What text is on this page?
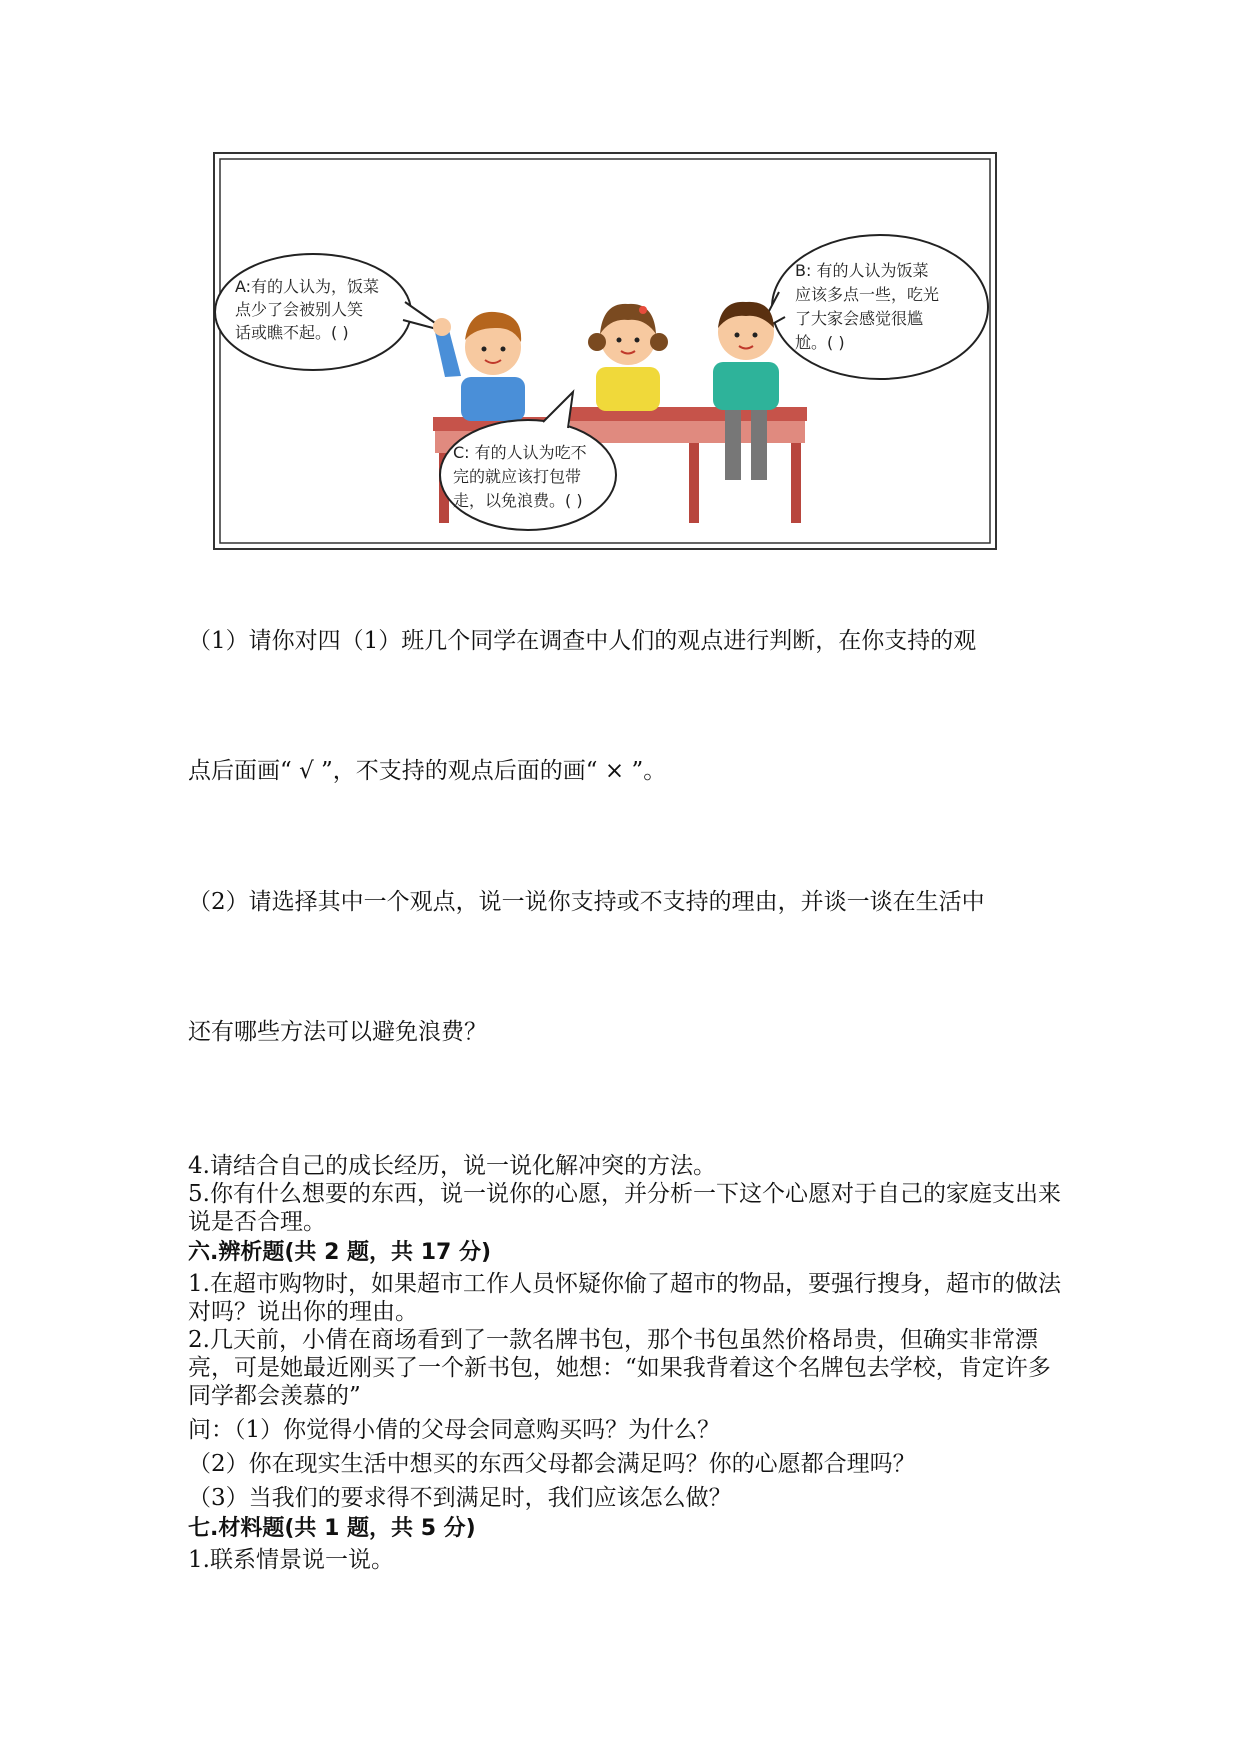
A:有的人认为，饭菜
点少了会被别人笑
话或瞧不起。( )
B: 有的人认为饭菜
应该多点一些，吃光
了大家会感觉很尴
尬。( )
C: 有的人认为吃不
完的就应该打包带
走，以免浪费。( )

（1）请你对四（1）班几个同学在调查中人们的观点进行判断，在你支持的观

点后面画“ √ ”，不支持的观点后面的画“ × ”。

（2）请选择其中一个观点，说一说你支持或不支持的理由，并谈一谈在生活中

还有哪些方法可以避免浪费？

4.请结合自己的成长经历，说一说化解冲突的方法。

5.你有什么想要的东西，说一说你的心愿，并分析一下这个心愿对于自己的家庭支出来说是否合理。

六.辨析题(共 2 题，共 17 分)

1.在超市购物时，如果超市工作人员怀疑你偷了超市的物品，要强行搜身，超市的做法对吗？说出你的理由。

2.几天前，小倩在商场看到了一款名牌书包，那个书包虽然价格昂贵，但确实非常漂亮，可是她最近刚买了一个新书包，她想：“如果我背着这个名牌包去学校，肯定许多同学都会羡慕的”

问：（1）你觉得小倩的父母会同意购买吗？为什么？

（2）你在现实生活中想买的东西父母都会满足吗？你的心愿都合理吗？

（3）当我们的要求得不到满足时，我们应该怎么做？

七.材料题(共 1 题，共 5 分)

1.联系情景说一说。
